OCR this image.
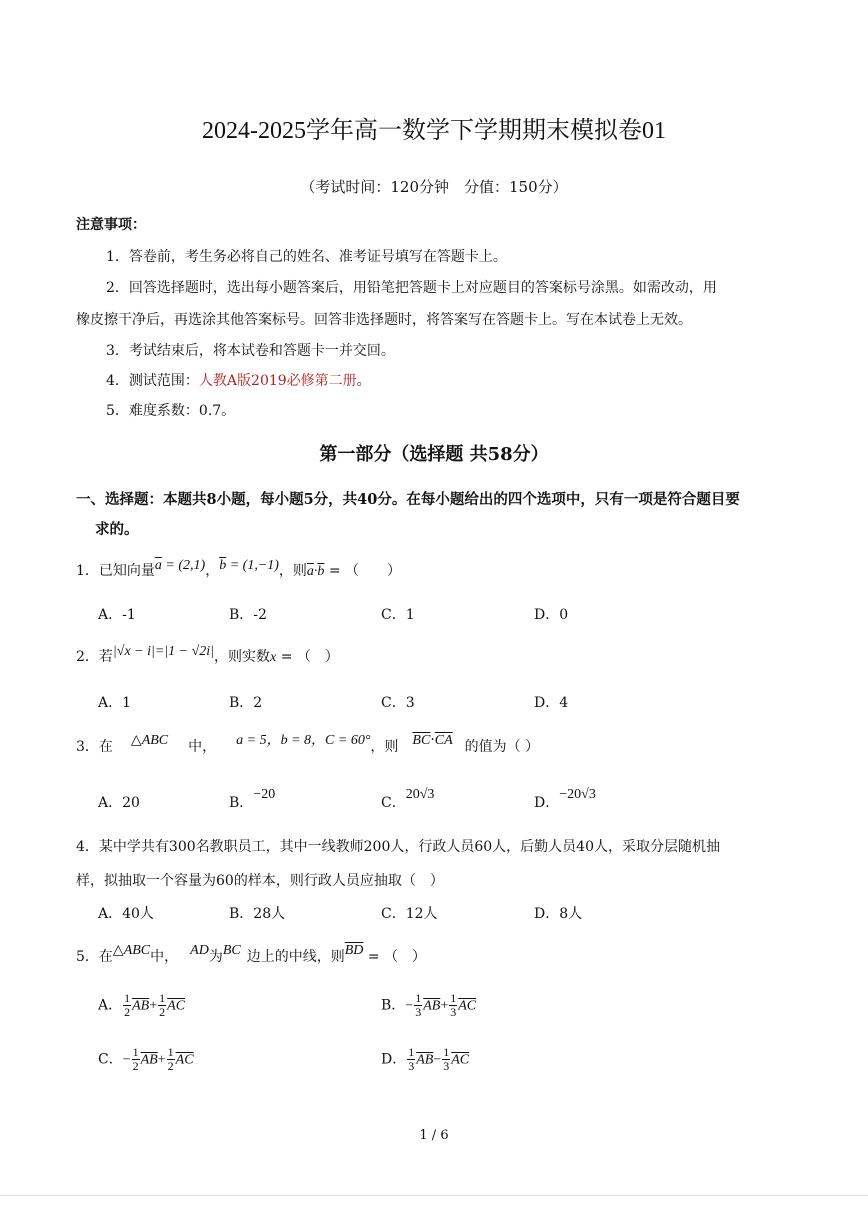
2024-2025学年高一数学下学期期末模拟卷01
（考试时间：120分钟　分值：150分）
注意事项：
1．答卷前，考生务必将自己的姓名、准考证号填写在答题卡上。
2．回答选择题时，选出每小题答案后，用铅笔把答题卡上对应题目的答案标号涂黑。如需改动，用
橡皮擦干净后，再选涂其他答案标号。回答非选择题时，将答案写在答题卡上。写在本试卷上无效。
3．考试结束后，将本试卷和答题卡一并交回。
4．测试范围：人教A版2019必修第二册。
5．难度系数：0.7。
第一部分（选择题 共58分）
一、选择题：本题共8小题，每小题5分，共40分。在每小题给出的四个选项中，只有一项是符合题目要
求的。
1．已知向量$\overline{a} = (2,1)$，$\overline{b} = (1,-1)$，则$\overline{a}\cdot\overline{b}$ = （　　）
A．-1	B．-2	C．1	D．0
2．若|√x − i|=|1 − √2i|，则实数x = （　）
A．1	B．2	C．3	D．4
3．在 △ABC 中， a = 5，b = 8，C = 60°，则 $\overline{BC}\cdot\overline{CA}$ 的值为（ ）
A．20	B．−20
C．20√3
D．−20√3
4．某中学共有300名教职员工，其中一线教师200人，行政人员60人，后勤人员40人，采取分层随机抽
样，拟抽取一个容量为60的样本，则行政人员应抽取（　）
A．40人	B．28人	C．12人	D．8人
5．在△ABC中， AD为BC 边上的中线，则$\overline{BD}$ = （　）
A． $\frac{1}{2} \overline{AB}+ \frac{1}{2} \overline{AC}$	B．− $\frac{1}{3} \overline{AB}+ \frac{1}{3} \overline{AC}$
C．− $\frac{1}{2} \overline{AB}+ \frac{1}{2} \overline{AC}$	D． $\frac{1}{3} \overline{AB}- \frac{1}{3} \overline{AC}$
1 / 6
